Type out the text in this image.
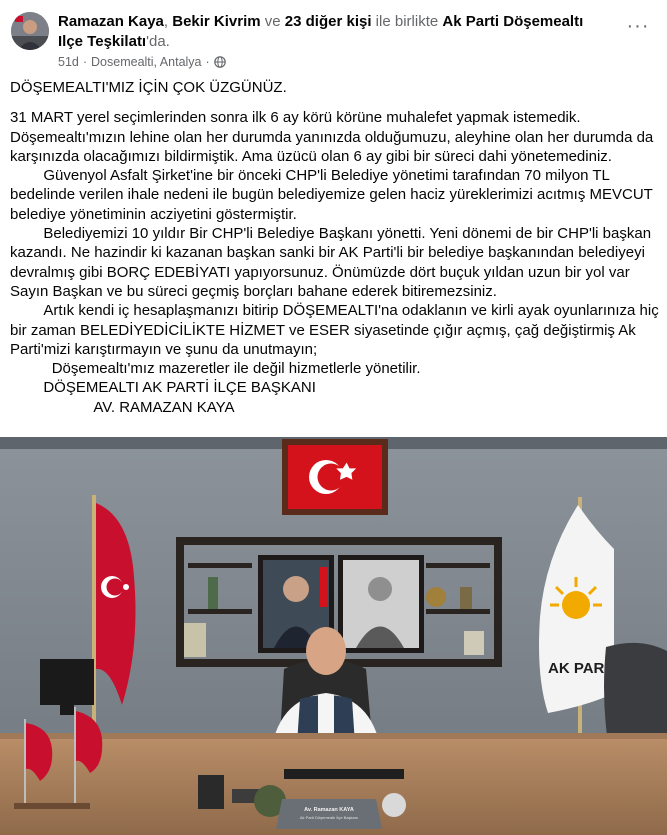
Ramazan Kaya, Bekir Kivrim ve 23 diğer kişi ile birlikte Ak Parti Döşemealtı Ilçe Teşkilatı'da.
51d · Dosemealti, Antalya ·
···

DÖŞEMEALTI'MIZ İÇİN ÇOK ÜZGÜNÜZ.

31 MART yerel seçimlerinden sonra ilk 6 ay körü körüne muhalefet yapmak istemedik. Döşemealtı'mızın lehine olan her durumda yanınızda olduğumuzu, aleyhine olan her durumda da karşınızda olacağımızı bildirmiştik. Ama üzücü olan 6 ay gibi bir süreci dahi yönetemediniz.

Güvenyol Asfalt Şirket'ine bir önceki CHP'li Belediye yönetimi tarafından 70 milyon TL bedelinde verilen ihale nedeni ile bugün belediyemize gelen haciz yüreklerimizi acıtmış MEVCUT belediye yönetiminin acziyetini göstermiştir.

Belediyemizi 10 yıldır Bir CHP'li Belediye Başkanı yönetti. Yeni dönemi de bir CHP'li başkan kazandı. Ne hazindir ki kazanan başkan sanki bir AK Parti'li bir belediye başkanından belediyeyi devralmış gibi BORÇ EDEBİYATI yapıyorsunuz. Önümüzde dört buçuk yıldan uzun bir yol var Sayın Başkan ve bu süreci geçmiş borçları bahane ederek bitiremezsiniz.

Artık kendi iç hesaplaşmanızı bitirip DÖŞEMEALTI'na odaklanın ve kirli ayak oyunlarınıza hiç bir zaman BELEDİYEDİCİLİKTE HİZMET ve ESER siyasetinde çığır açmış, çağ değiştirmiş Ak Parti'mizi karıştırmayın ve şunu da unutmayın;

Döşemealtı'mız mazeretler ile değil hizmetlerle yönetilir.

DÖŞEMEALTI AK PARTİ İLÇE BAŞKANI

AV. RAMAZAN KAYA

AK PAR
Av. Ramazan KAYA
Ak Parti Döşemealtı İlçe Başkanı
